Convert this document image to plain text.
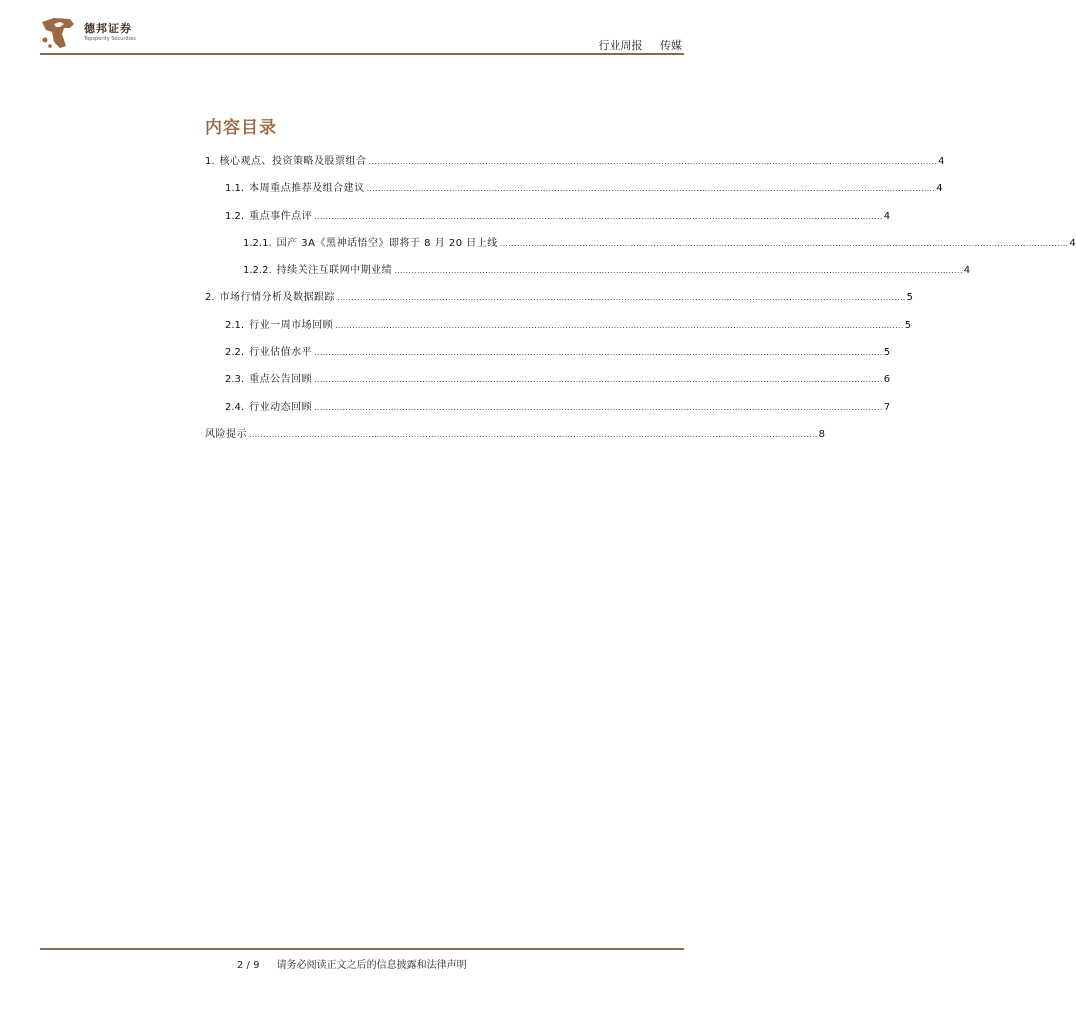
德邦证券
Topsperity Securities	行业周报 传媒
内容目录
1. 核心观点、投资策略及股票组合 ........................................................................................................................................................................................................ 4
1.1. 本周重点推荐及组合建议 ........................................................................................................................................................................................................ 4
1.2. 重点事件点评 ........................................................................................................................................................................................................ 4
1.2.1. 国产 3A《黑神话悟空》即将于 8 月 20 日上线 ........................................................................................................................................................................................................ 4
1.2.2. 持续关注互联网中期业绩 ........................................................................................................................................................................................................ 4
2. 市场行情分析及数据跟踪 ........................................................................................................................................................................................................ 5
2.1. 行业一周市场回顾 ........................................................................................................................................................................................................ 5
2.2. 行业估值水平 ........................................................................................................................................................................................................ 5
2.3. 重点公告回顾 ........................................................................................................................................................................................................ 6
2.4. 行业动态回顾 ........................................................................................................................................................................................................ 7
风险提示 ........................................................................................................................................................................................................ 8
2 / 9 请务必阅读正文之后的信息披露和法律声明
